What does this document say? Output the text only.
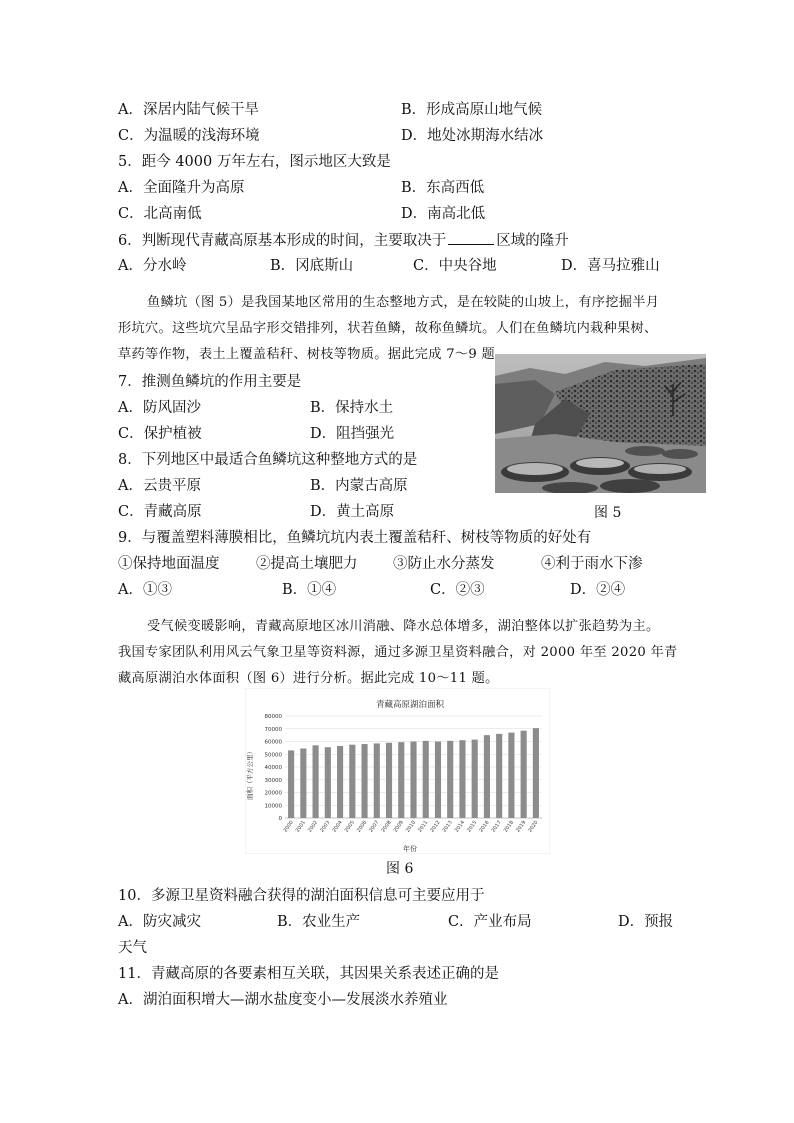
A．深居内陆气候干旱	B．形成高原山地气候
C．为温暖的浅海环境	D．地处冰期海水结冰
5．距今 4000 万年左右，图示地区大致是
A．全面隆升为高原	B．东高西低
C．北高南低	D．南高北低
6．判断现代青藏高原基本形成的时间，主要取决于	区域的隆升
A．分水岭	B．冈底斯山	C．中央谷地	D．喜马拉雅山
鱼鳞坑（图 5）是我国某地区常用的生态整地方式，是在较陡的山坡上，有序挖掘半月
形坑穴。这些坑穴呈品字形交错排列，状若鱼鳞，故称鱼鳞坑。人们在鱼鳞坑内栽种果树、
草药等作物，表土上覆盖秸秆、树枝等物质。据此完成 7～9 题
7．推测鱼鳞坑的作用主要是
A．防风固沙	B．保持水土
C．保护植被	D．阻挡强光
8．下列地区中最适合鱼鳞坑这种整地方式的是
A．云贵平原	B．内蒙古高原
C．青藏高原	D．黄土高原	图 5
9．与覆盖塑料薄膜相比，鱼鳞坑坑内表土覆盖秸秆、树枝等物质的好处有
①保持地面温度	②提高土壤肥力 ③防止水分蒸发	④利于雨水下渗
A．①③	B．①④	C．②③	D．②④
受气候变暖影响，青藏高原地区冰川消融、降水总体增多，湖泊整体以扩张趋势为主。
我国专家团队利用风云气象卫星等资料源，通过多源卫星资料融合，对 2000 年至 2020 年青
藏高原湖泊水体面积（图 6）进行分析。据此完成 10～11 题。
青藏高原湖泊面积
面积（平方公里）
年份
0
10000
20000
30000
40000
50000
60000
70000
80000
2000 2001 2002 2003 2004 2005 2006 2007 2008 2009 2010 2011 2012 2013 2014 2015 2016 2017 2018 2019 2020
图 6
10．多源卫星资料融合获得的湖泊面积信息可主要应用于
A．防灾减灾	B．农业生产	C．产业布局	D．预报
天气
11．青藏高原的各要素相互关联，其因果关系表述正确的是
A．湖泊面积增大—湖水盐度变小—发展淡水养殖业
